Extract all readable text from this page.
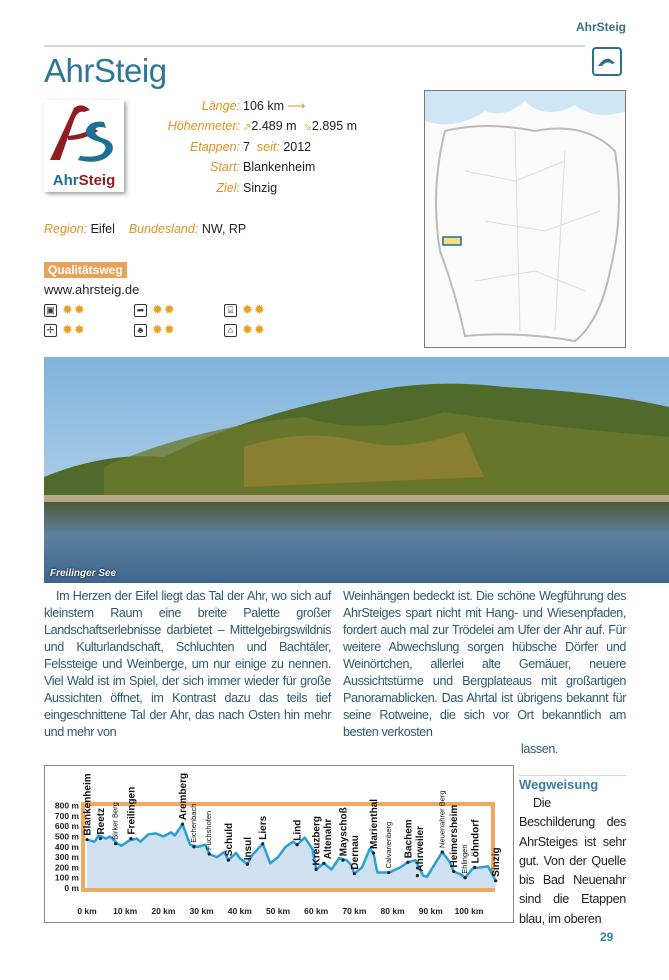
AhrSteig
AhrSteig
AhrSteig
Länge: 106 km ⟶
Höhenmeter: ⬀2.489 m ⬂2.895 m
Etappen: 7 seit: 2012
Start: Blankenheim
Ziel: Sinzig
Region: Eifel Bundesland: NW, RP
Qualitätsweg
www.ahrsteig.de
▣ ✹✹	➦ ✹✹	⌸ ✹✹
✢ ✹✹	♣ ✹✹	⌂ ✹✹
Freilinger See

Im Herzen der Eifel liegt das Tal der Ahr, wo sich auf kleinstem Raum eine breite Palette großer Landschaftserlebnisse darbietet – Mittelgebirgswildnis und Kulturlandschaft, Schluchten und Bachtäler, Felssteige und Weinberge, um nur einige zu nennen. Viel Wald ist im Spiel, der sich immer wieder für große Aussichten öffnet, im Kontrast dazu das teils tief eingeschnittene Tal der Ahr, das nach Osten hin mehr und mehr von

Weinhängen bedeckt ist. Die schöne Wegführung des AhrSteiges spart nicht mit Hang- und Wiesenpfaden, fordert auch mal zur Trödelei am Ufer der Ahr auf. Für weitere Abwechslung sorgen hübsche Dörfer und Weinörtchen, allerlei alte Gemäuer, neuere Aussichtstürme und Bergplateaus mit großartigen Panoramablicken. Das Ahrtal ist übrigens bekannt für seine Rotweine, die sich vor Ort bekanntlich am besten verkosten
lassen.
800 m
700 m
600 m
500 m
400 m
300 m
200 m
100 m
0 m
0 km 10 km 20 km 30 km 40 km 50 km 60 km 70 km 80 km 90 km 100 km
Blankenheim Reetz Birker Berg Freilingen	Aremberg
Eichenbach Fuchshofen Schuld Insul
Liers Lind Kreuzberg Altenahr Mayschoß Dernau
Marienthal Calvarienberg Bachem Ahrweiler
Neuenahrer Berg Heimersheim Ehlingen Löhndorf Sinzig
Wegweisung
Die Beschilderung des AhrSteiges ist sehr gut. Von der Quelle bis Bad Neuenahr sind die Etappen blau, im oberen
29
